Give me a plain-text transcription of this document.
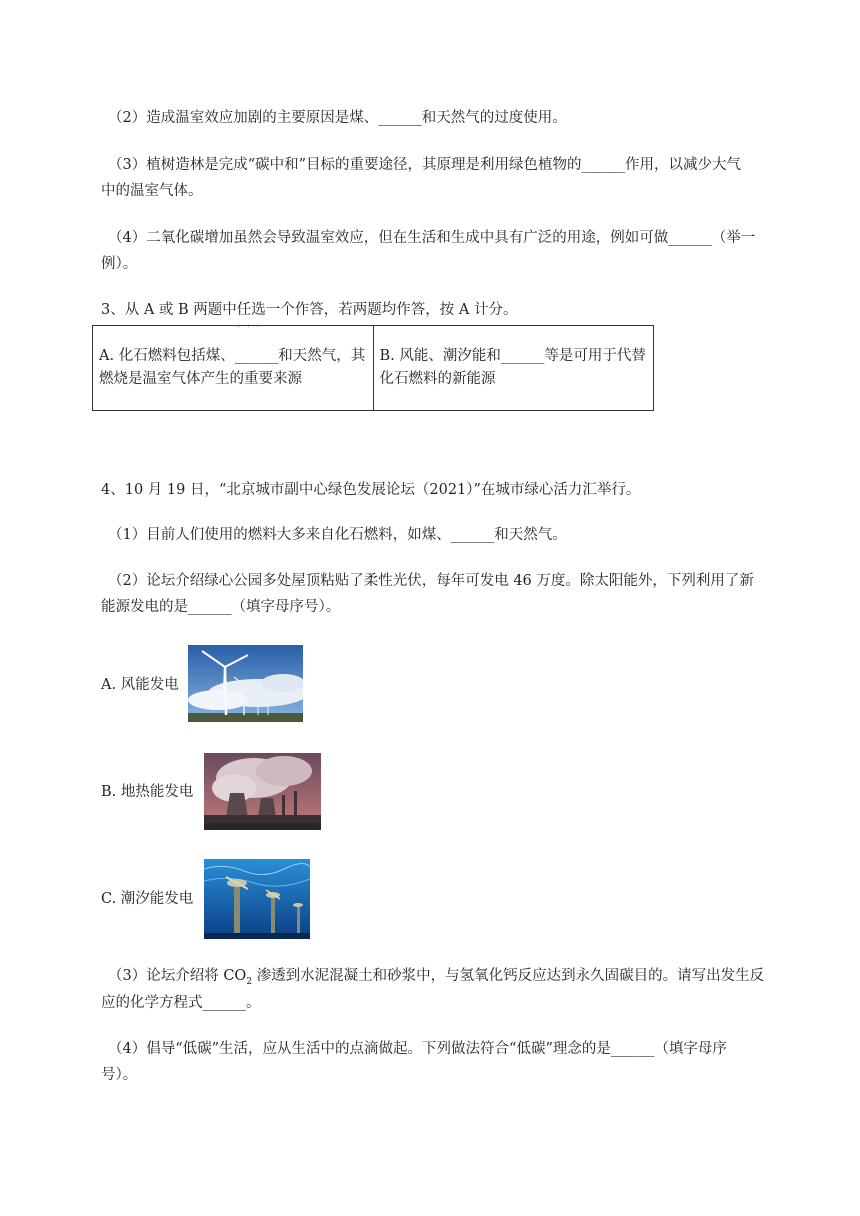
（2）造成温室效应加剧的主要原因是煤、______和天然气的过度使用。
（3）植树造林是完成“碳中和”目标的重要途径，其原理是利用绿色植物的______作用，以减少大气
中的温室气体。
（4）二氧化碳增加虽然会导致温室效应，但在生活和生成中具有广泛的用途，例如可做______（举一
例）。
3、从 A 或 B 两题中任选一个 · · ·作答，若两题均作答，按 A 计分。
A. 化石燃料包括煤、______和天然气，其燃烧是温室气体产生的重要来源	B. 风能、潮汐能和______等是可用于代替化石燃料的新能源
4、10 月 19 日，“北京城市副中心绿色发展论坛（2021）”在城市绿心活力汇举行。
（1）目前人们使用的燃料大多来自化石燃料，如煤、______和天然气。
（2）论坛介绍绿心公园多处屋顶粘贴了柔性光伏，每年可发电 46 万度。除太阳能外，下列利用了新
能源发电的是______（填字母序号）。
A. 风能发电
B. 地热能发电
C. 潮汐能发电
（3）论坛介绍将 $CO_2$ 渗透到水泥混凝土和砂浆中，与氢氧化钙反应达到永久固碳目的。请写出发生反
应的化学方程式______。
（4）倡导“低碳”生活，应从生活中的点滴做起。下列做法符合“低碳”理念的是______（填字母序
号）。
